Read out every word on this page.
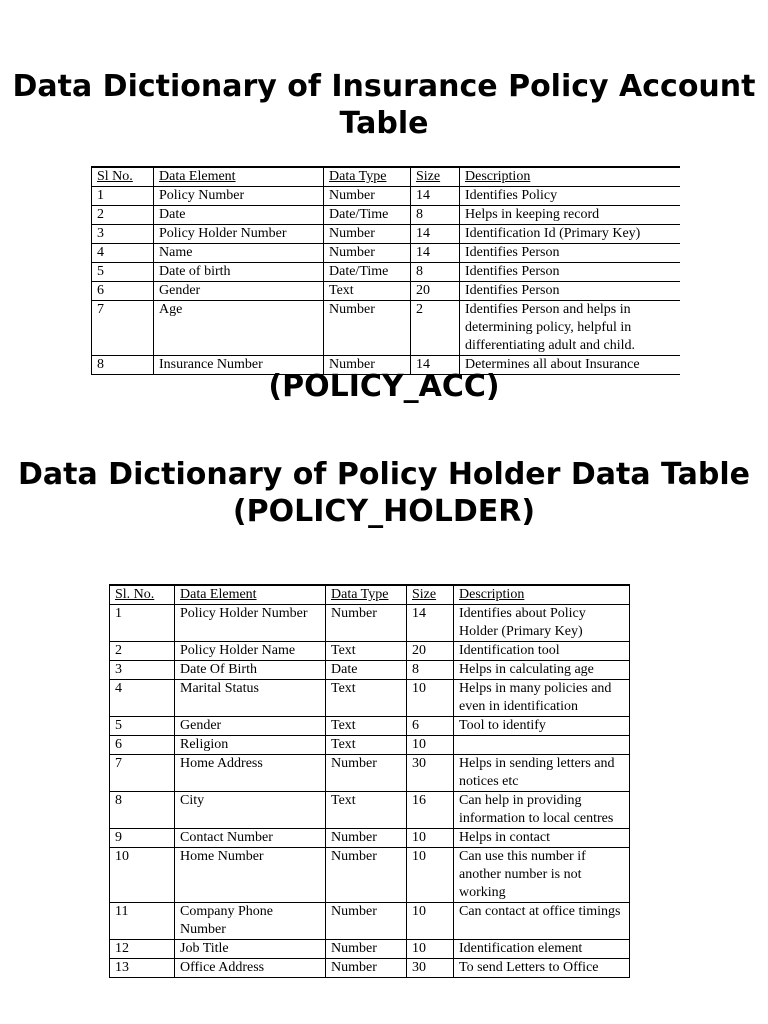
Data Dictionary of Insurance Policy Account Table
Sl No.	Data Element	Data Type	Size	Description
1	Policy Number	Number	14	Identifies Policy
2	Date	Date/Time	8	Helps in keeping record
3	Policy Holder Number	Number	14	Identification Id (Primary Key)
4	Name	Number	14	Identifies Person
5	Date of birth	Date/Time	8	Identifies Person
6	Gender	Text	20	Identifies Person
7	Age	Number	2	Identifies Person and helps in determining policy, helpful in differentiating adult and child.
8	Insurance Number	Number	14	Determines all about Insurance
(POLICY_ACC)
Data Dictionary of Policy Holder Data Table (POLICY_HOLDER)
Sl. No.	Data Element	Data Type	Size	Description
1	Policy Holder Number	Number	14	Identifies about Policy Holder (Primary Key)
2	Policy Holder Name	Text	20	Identification tool
3	Date Of Birth	Date	8	Helps in calculating age
4	Marital Status	Text	10	Helps in many policies and even in identification
5	Gender	Text	6	Tool to identify
6	Religion	Text	10	
7	Home Address	Number	30	Helps in sending letters and notices etc
8	City	Text	16	Can help in providing information to local centres
9	Contact Number	Number	10	Helps in contact
10	Home Number	Number	10	Can use this number if another number is not working
11	Company Phone Number	Number	10	Can contact at office timings
12	Job Title	Number	10	Identification element
13	Office Address	Number	30	To send Letters to Office
